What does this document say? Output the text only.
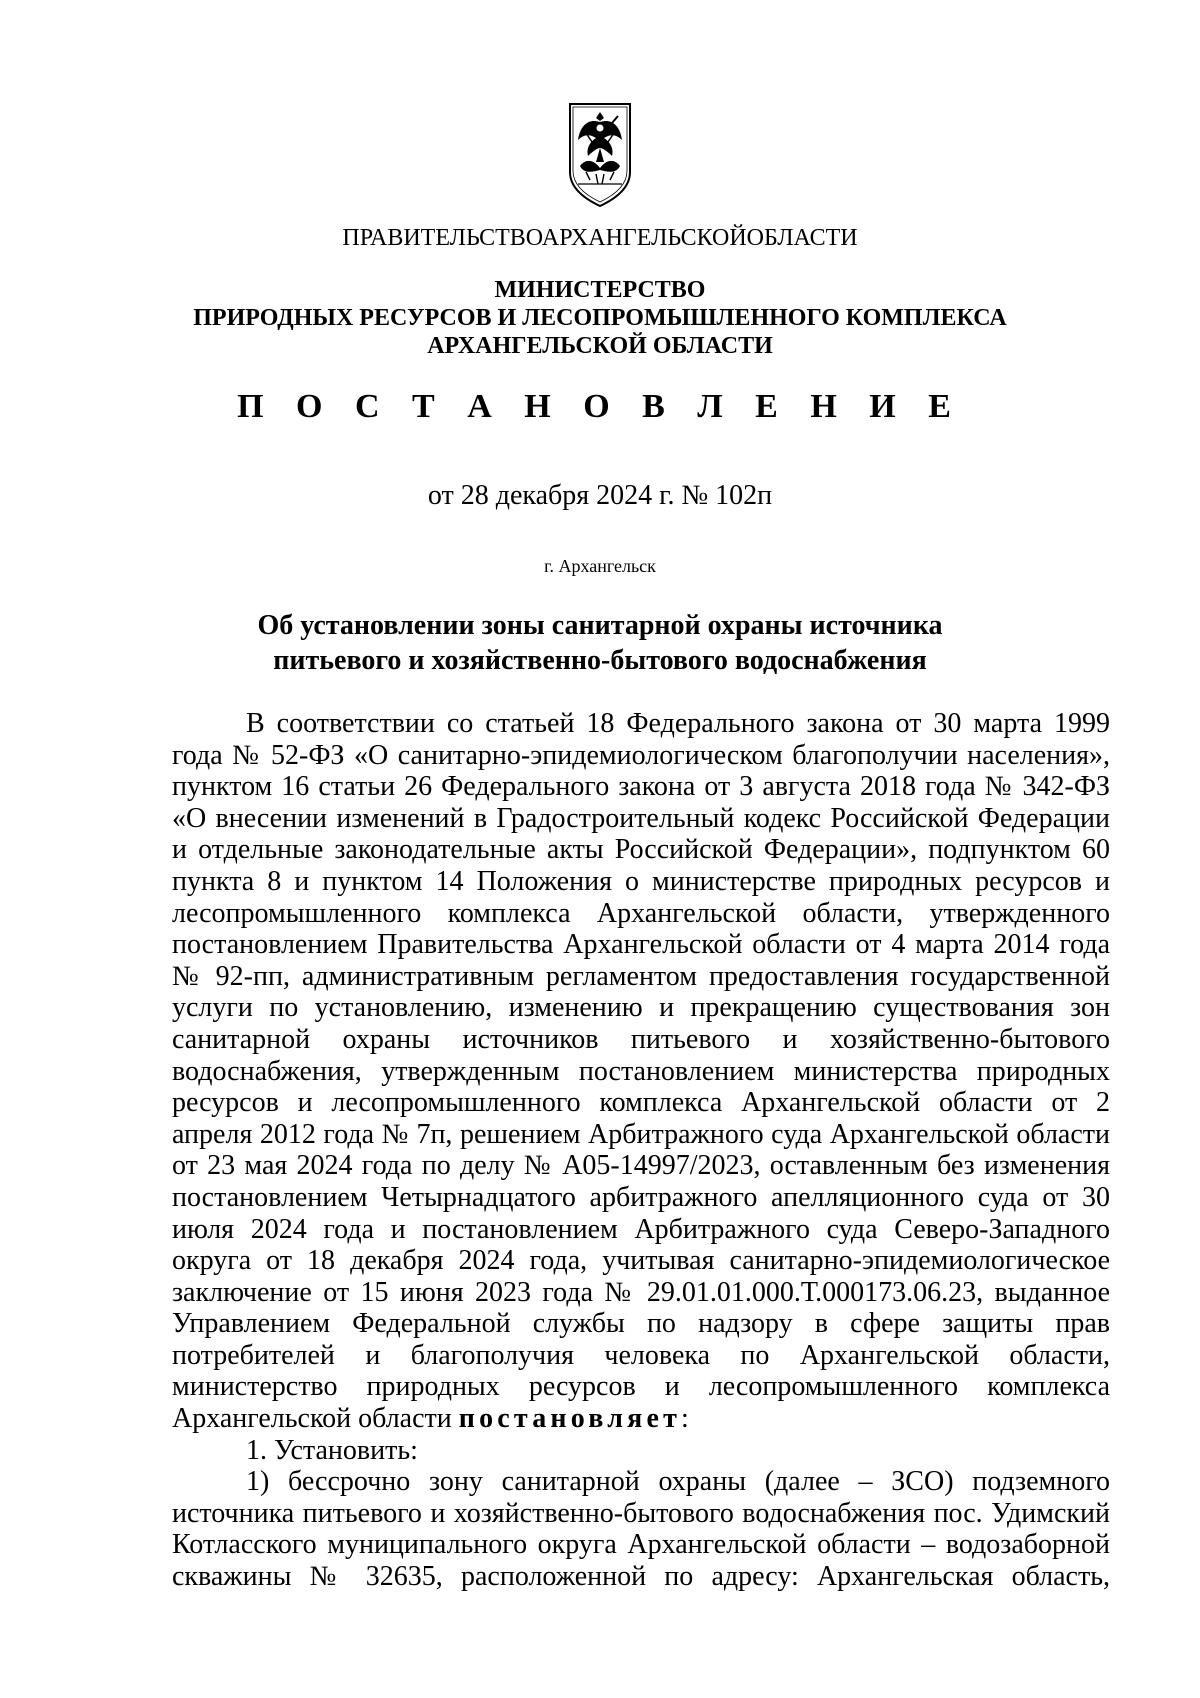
ПРАВИТЕЛЬСТВОАРХАНГЕЛЬСКОЙОБЛАСТИ
МИНИСТЕРСТВО
ПРИРОДНЫХ РЕСУРСОВ И ЛЕСОПРОМЫШЛЕННОГО КОМПЛЕКСА
АРХАНГЕЛЬСКОЙ ОБЛАСТИ
П О С Т А Н О В Л Е Н И Е
от 28 декабря 2024 г. № 102п
г. Архангельск
Об установлении зоны санитарной охраны источника
питьевого и хозяйственно-бытового водоснабжения

В соответствии со статьей 18 Федерального закона от 30 марта 1999 года № 52-ФЗ «О санитарно-эпидемиологическом благополучии населения», пунктом 16 статьи 26 Федерального закона от 3 августа 2018 года № 342-ФЗ «О внесении изменений в Градостроительный кодекс Российской Федерации и отдельные законодательные акты Российской Федерации», подпунктом 60 пункта 8 и пунктом 14 Положения о министерстве природных ресурсов и лесопромышленного комплекса Архангельской области, утвержденного постановлением Правительства Архангельской области от 4 марта 2014 года № 92-пп, административным регламентом предоставления государственной услуги по установлению, изменению и прекращению существования зон санитарной охраны источников питьевого и хозяйственно-бытового водоснабжения, утвержденным постановлением министерства природных ресурсов и лесопромышленного комплекса Архангельской области от 2 апреля 2012 года № 7п, решением Арбитражного суда Архангельской области от 23 мая 2024 года по делу № А05-14997/2023, оставленным без изменения постановлением Четырнадцатого арбитражного апелляционного суда от 30 июля 2024 года и постановлением Арбитражного суда Северо-Западного округа от 18 декабря 2024 года, учитывая санитарно-эпидемиологическое заключение от 15 июня 2023 года № 29.01.01.000.Т.000173.06.23, выданное Управлением Федеральной службы по надзору в сфере защиты прав потребителей и благополучия человека по Архангельской области, министерство природных ресурсов и лесопромышленного комплекса Архангельской области постановляет:

1. Установить:

1) бессрочно зону санитарной охраны (далее – ЗСО) подземного источника питьевого и хозяйственно-бытового водоснабжения пос. Удимский Котласского муниципального округа Архангельской области – водозаборной скважины № 32635, расположенной по адресу: Архангельская область,
